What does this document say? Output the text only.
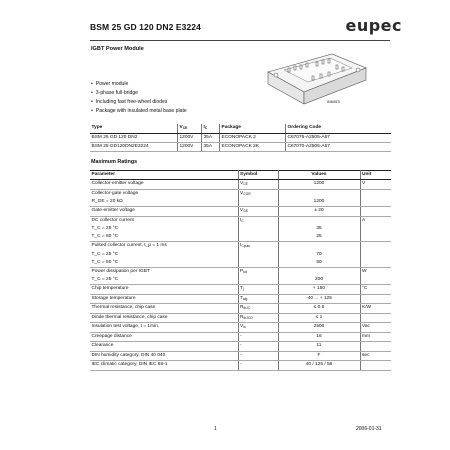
BSM 25 GD 120 DN2 E3224	eupec
IGBT Power Module
• Power module
• 3-phase full-bridge
• Including fast free-wheel diodes
• Package with insulated metal base plate
IN6057l
Type	$V_{CE}$	$I_C$	Package	Ordering Code
BSM 25 GD 120 DN2	1200V	35A	ECONOPACK 2	C67076-A2505-A67
BSM 25 GD120DN2E3224	1200V	35A	ECONOPACK 2K	C67070-A2505-A67
Maximum Ratings
Parameter	Symbol	Values	Unit
Collector-emitter voltage	$V_{CE}$	1200	V
Collector-gate voltage	$V_{CGR}$		
R_GE = 20 kΩ		1200	
Gate-emitter voltage	$V_{GE}$	± 20	
DC collector current	$I_C$		A
T_C = 25 °C		35	
T_C = 80 °C		25	
Pulsed collector current, t_p = 1 ms	$I_{Cpuls}$		
T_C = 25 °C		70	
T_C = 80 °C		50	
Power dissipation per IGBT	$P_{tot}$		W
T_C = 25 °C		200	
Chip temperature	$T_j$	+ 150	°C
Storage temperature	$T_{stg}$	-40 ... + 125	
Thermal resistance, chip case	$R_{thJC}$	≤ 0.6	K/W
Diode thermal resistance, chip case	$R_{thJCD}$	≤ 1	
Insulation test voltage, t = 1min.	$V_{is}$	2500	Vac
Creepage distance	-	16	mm
Clearance	-	11	
DIN humidity category, DIN 40 040	-	F	sec
IEC climatic category, DIN IEC 68-1	-	40 / 125 / 56	
1	2006-01-31
